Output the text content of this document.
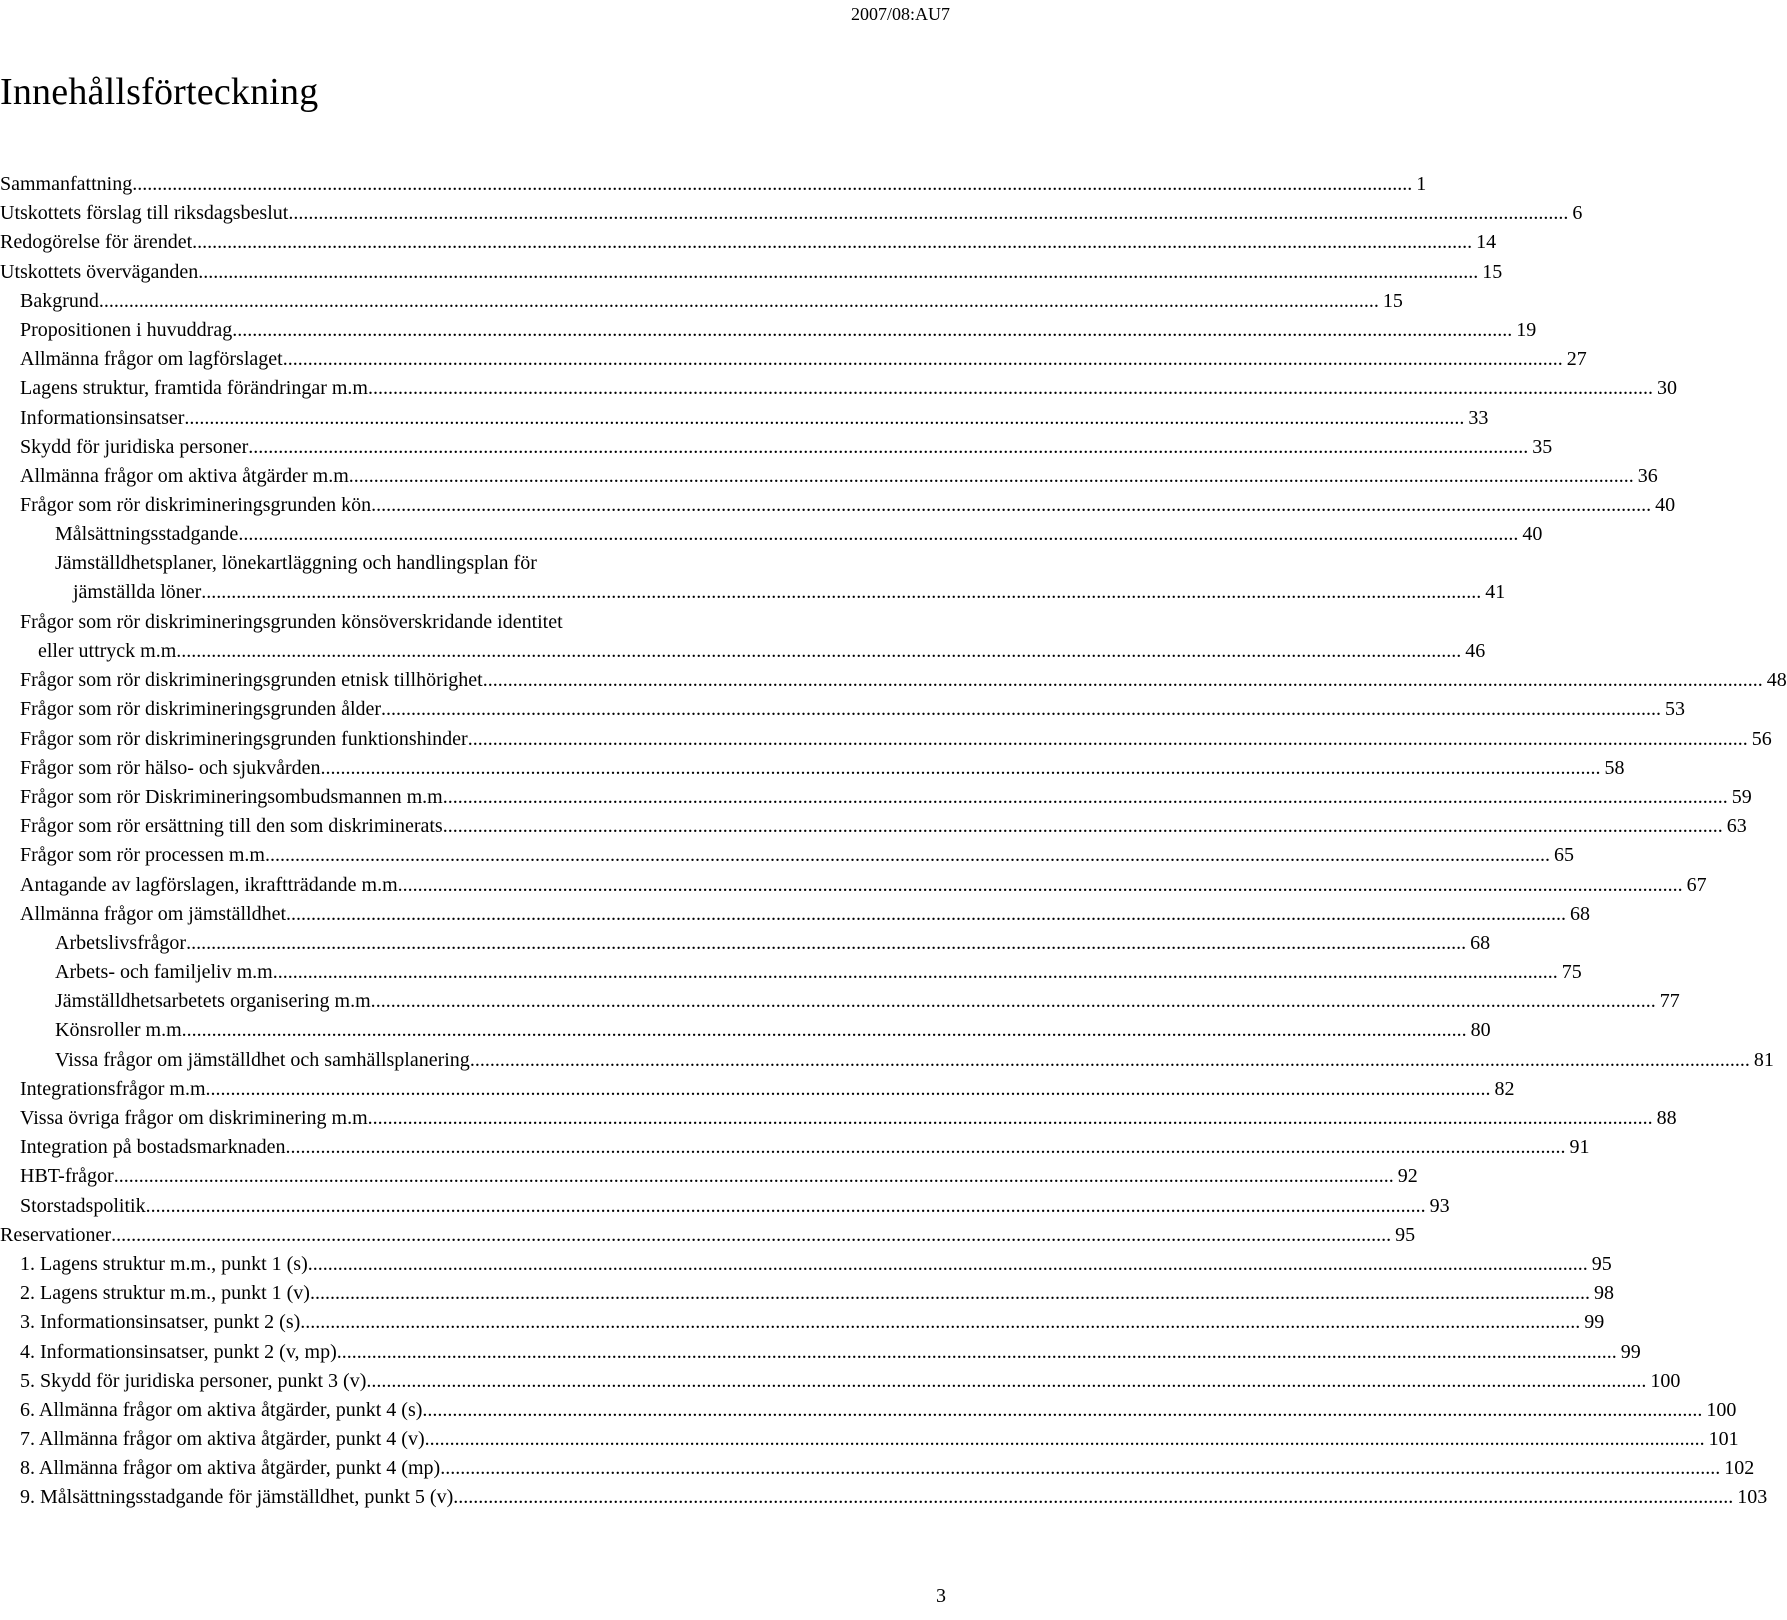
2007/08:AU7
Innehållsförteckning
Sammanfattning .....	1
Utskottets förslag till riksdagsbeslut .....	6
Redogörelse för ärendet .....	14
Utskottets överväganden .....	15
Bakgrund .....	15
Propositionen i huvuddrag .....	19
Allmänna frågor om lagförslaget .....	27
Lagens struktur, framtida förändringar m.m. .....	30
Informationsinsatser .....	33
Skydd för juridiska personer .....	35
Allmänna frågor om aktiva åtgärder m.m. .....	36
Frågor som rör diskrimineringsgrunden kön .....	40
Målsättningsstadgande .....	40
Jämställdhetsplaner, lönekartläggning och handlingsplan för
jämställda löner .....	41
Frågor som rör diskrimineringsgrunden könsöverskridande identitet
eller uttryck m.m. .....	46
Frågor som rör diskrimineringsgrunden etnisk tillhörighet .....	48
Frågor som rör diskrimineringsgrunden ålder .....	53
Frågor som rör diskrimineringsgrunden funktionshinder .....	56
Frågor som rör hälso- och sjukvården .....	58
Frågor som rör Diskrimineringsombudsmannen m.m. .....	59
Frågor som rör ersättning till den som diskriminerats .....	63
Frågor som rör processen m.m. .....	65
Antagande av lagförslagen, ikraftträdande m.m. .....	67
Allmänna frågor om jämställdhet .....	68
Arbetslivsfrågor .....	68
Arbets- och familjeliv m.m. .....	75
Jämställdhetsarbetets organisering m.m. .....	77
Könsroller m.m. .....	80
Vissa frågor om jämställdhet och samhällsplanering .....	81
Integrationsfrågor m.m. .....	82
Vissa övriga frågor om diskriminering m.m. .....	88
Integration på bostadsmarknaden .....	91
HBT-frågor .....	92
Storstadspolitik .....	93
Reservationer .....	95
1. Lagens struktur m.m., punkt 1 (s) .....	95
2. Lagens struktur m.m., punkt 1 (v) .....	98
3. Informationsinsatser, punkt 2 (s) .....	99
4. Informationsinsatser, punkt 2 (v, mp) .....	99
5. Skydd för juridiska personer, punkt 3 (v) .....	100
6. Allmänna frågor om aktiva åtgärder, punkt 4 (s) .....	100
7. Allmänna frågor om aktiva åtgärder, punkt 4 (v) .....	101
8. Allmänna frågor om aktiva åtgärder, punkt 4 (mp) .....	102
9. Målsättningsstadgande för jämställdhet, punkt 5 (v) .....	103
3
